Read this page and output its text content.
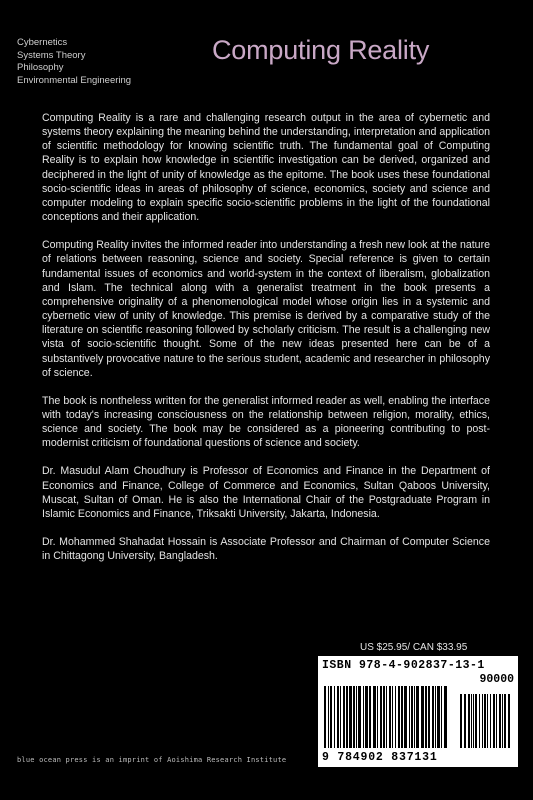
Cybernetics
Systems Theory
Philosophy
Environmental Engineering
Computing Reality

Computing Reality is a rare and challenging research output in the area of cybernetic and systems theory explaining the meaning behind the understanding, interpretation and application of scientific methodology for knowing scientific truth. The fundamental goal of Computing Reality is to explain how knowledge in scientific investigation can be derived, organized and deciphered in the light of unity of knowledge as the epitome. The book uses these foundational socio-scientific ideas in areas of philosophy of science, economics, society and science and computer modeling to explain specific socio-scientific problems in the light of the foundational conceptions and their application.

Computing Reality invites the informed reader into understanding a fresh new look at the nature of relations between reasoning, science and society. Special reference is given to certain fundamental issues of economics and world-system in the context of liberalism, globalization and Islam. The technical along with a generalist treatment in the book presents a comprehensive originality of a phenomenological model whose origin lies in a systemic and cybernetic view of unity of knowledge. This premise is derived by a comparative study of the literature on scientific reasoning followed by scholarly criticism. The result is a challenging new vista of socio-scientific thought. Some of the new ideas presented here can be of a substantively provocative nature to the serious student, academic and researcher in philosophy of science.

The book is nontheless written for the generalist informed reader as well, enabling the interface with today's increasing consciousness on the relationship between religion, morality, ethics, science and society. The book may be considered as a pioneering contributing to post-modernist criticism of foundational questions of science and society.

Dr. Masudul Alam Choudhury is Professor of Economics and Finance in the Department of Economics and Finance, College of Commerce and Economics, Sultan Qaboos University, Muscat, Sultan of Oman. He is also the International Chair of the Postgraduate Program in Islamic Economics and Finance, Triksakti University, Jakarta, Indonesia.

Dr. Mohammed Shahadat Hossain is Associate Professor and Chairman of Computer Science in Chittagong University, Bangladesh.

US $25.95/ CAN $33.95
ISBN 978-4-902837-13-1
90000
9 784902 837131
blue ocean press is an imprint of Aoishima Research Institute
